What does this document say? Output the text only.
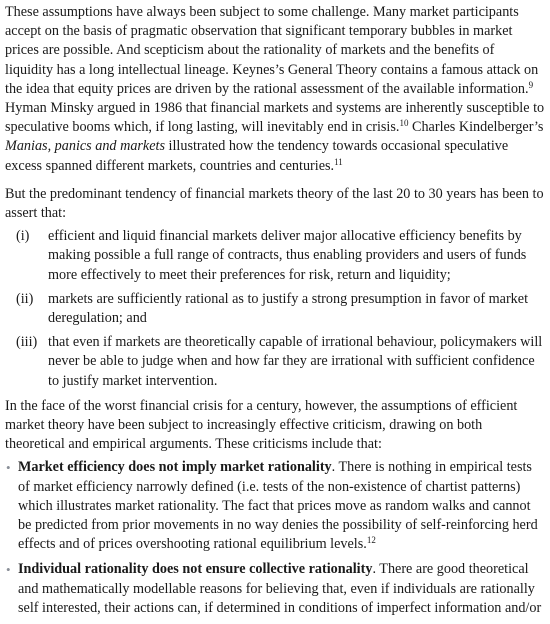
These assumptions have always been subject to some challenge. Many market participants accept on the basis of pragmatic observation that significant temporary bubbles in market prices are possible. And scepticism about the rationality of markets and the benefits of liquidity has a long intellectual lineage. Keynes’s General Theory contains a famous attack on the idea that equity prices are driven by the rational assessment of the available information.$^9$ Hyman Minsky argued in 1986 that financial markets and systems are inherently susceptible to speculative booms which, if long lasting, will inevitably end in crisis.$^{10}$ Charles Kindelberger’s Manias, panics and markets illustrated how the tendency towards occasional speculative excess spanned different markets, countries and centuries.$^{11}$

But the predominant tendency of financial markets theory of the last 20 to 30 years has been to assert that:

(i)	efficient and liquid financial markets deliver major allocative efficiency benefits by making possible a full range of contracts, thus enabling providers and users of funds more effectively to meet their preferences for risk, return and liquidity;
(ii)	markets are sufficiently rational as to justify a strong presumption in favor of market deregulation; and
(iii) that even if markets are theoretically capable of irrational behaviour, policymakers will never be able to judge when and how far they are irrational with sufficient confidence to justify market intervention.

In the face of the worst financial crisis for a century, however, the assumptions of efficient market theory have been subject to increasingly effective criticism, drawing on both theoretical and empirical arguments. These criticisms include that:

• Market efficiency does not imply market rationality. There is nothing in empirical tests of market efficiency narrowly defined (i.e. tests of the non-existence of chartist patterns) which illustrates market rationality. The fact that prices move as random walks and cannot be predicted from prior movements in no way denies the possibility of self-reinforcing herd effects and of prices overshooting rational equilibrium levels.$^{12}$
• Individual rationality does not ensure collective rationality. There are good theoretical and mathematically modellable reasons for believing that, even if individuals are rationally self interested, their actions can, if determined in conditions of imperfect information and/or
